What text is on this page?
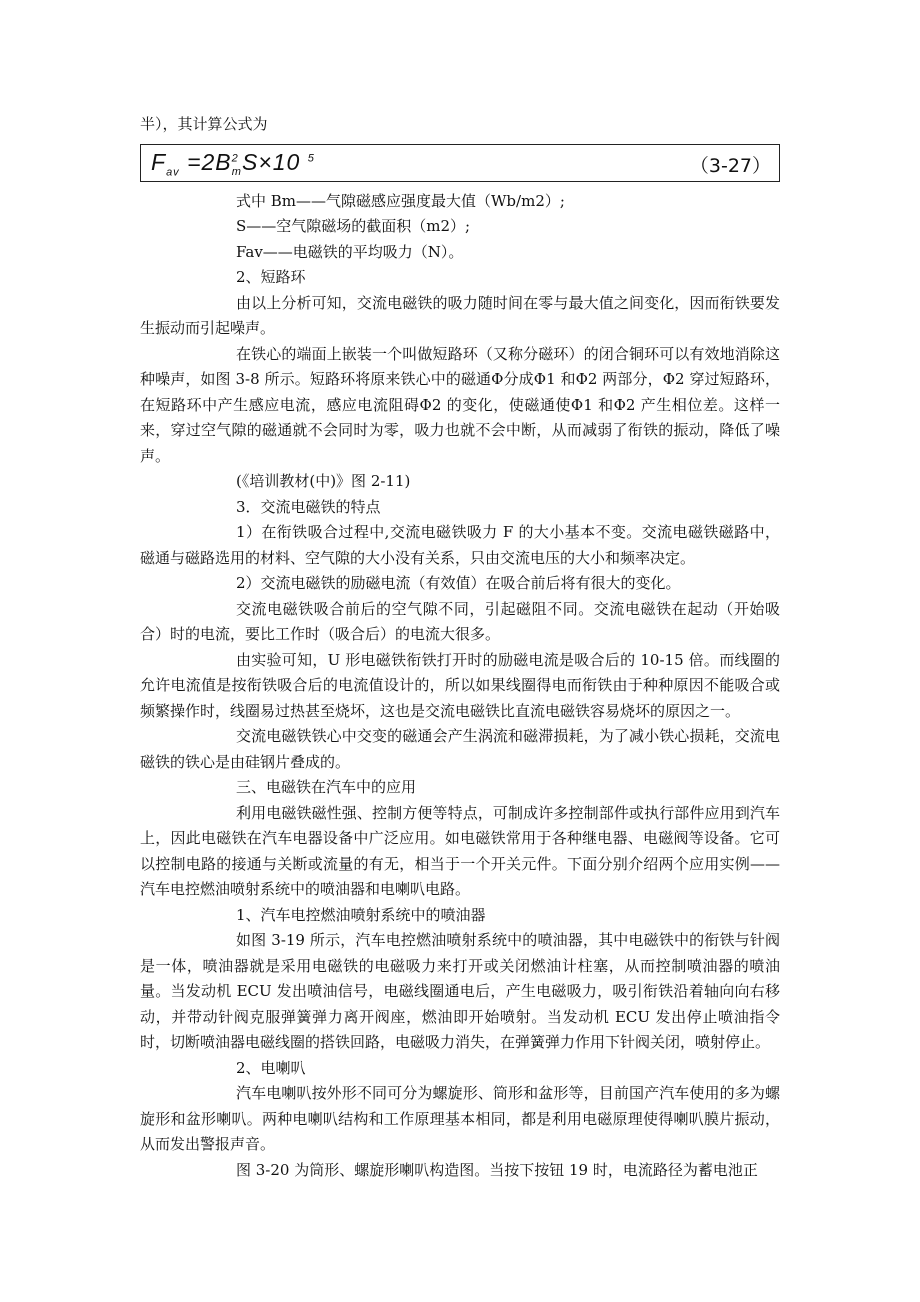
半），其计算公式为

$F_{av} =2B^2_mS\times 10$ $^5$	（3-27）

式中 Bm——气隙磁感应强度最大值（Wb/m2）;

S——空气隙磁场的截面积（m2）;

Fav——电磁铁的平均吸力（N）。

2、短路环

由以上分析可知，交流电磁铁的吸力随时间在零与最大值之间变化，因而衔铁要发生振动而引起噪声。

在铁心的端面上嵌装一个叫做短路环（又称分磁环）的闭合铜环可以有效地消除这种噪声，如图 3-8 所示。短路环将原来铁心中的磁通Φ分成Φ1 和Φ2 两部分，Φ2 穿过短路环，在短路环中产生感应电流，感应电流阻碍Φ2 的变化，使磁通使Φ1 和Φ2 产生相位差。这样一来，穿过空气隙的磁通就不会同时为零，吸力也就不会中断，从而减弱了衔铁的振动，降低了噪声。

(《培训教材(中)》图 2-11)

3．交流电磁铁的特点

1）在衔铁吸合过程中,交流电磁铁吸力 F 的大小基本不变。交流电磁铁磁路中，磁通与磁路选用的材料、空气隙的大小没有关系，只由交流电压的大小和频率决定。

2）交流电磁铁的励磁电流（有效值）在吸合前后将有很大的变化。

交流电磁铁吸合前后的空气隙不同，引起磁阻不同。交流电磁铁在起动（开始吸合）时的电流，要比工作时（吸合后）的电流大很多。

由实验可知，U 形电磁铁衔铁打开时的励磁电流是吸合后的 10-15 倍。而线圈的允许电流值是按衔铁吸合后的电流值设计的，所以如果线圈得电而衔铁由于种种原因不能吸合或频繁操作时，线圈易过热甚至烧坏，这也是交流电磁铁比直流电磁铁容易烧坏的原因之一。

交流电磁铁铁心中交变的磁通会产生涡流和磁滞损耗，为了减小铁心损耗，交流电磁铁的铁心是由硅钢片叠成的。

三、电磁铁在汽车中的应用

利用电磁铁磁性强、控制方便等特点，可制成许多控制部件或执行部件应用到汽车上，因此电磁铁在汽车电器设备中广泛应用。如电磁铁常用于各种继电器、电磁阀等设备。它可以控制电路的接通与关断或流量的有无，相当于一个开关元件。下面分别介绍两个应用实例——汽车电控燃油喷射系统中的喷油器和电喇叭电路。

1、汽车电控燃油喷射系统中的喷油器

如图 3-19 所示，汽车电控燃油喷射系统中的喷油器，其中电磁铁中的衔铁与针阀是一体，喷油器就是采用电磁铁的电磁吸力来打开或关闭燃油计柱塞，从而控制喷油器的喷油量。当发动机 ECU 发出喷油信号，电磁线圈通电后，产生电磁吸力，吸引衔铁沿着轴向向右移动，并带动针阀克服弹簧弹力离开阀座，燃油即开始喷射。当发动机 ECU 发出停止喷油指令时，切断喷油器电磁线圈的搭铁回路，电磁吸力消失，在弹簧弹力作用下针阀关闭，喷射停止。

2、电喇叭

汽车电喇叭按外形不同可分为螺旋形、筒形和盆形等，目前国产汽车使用的多为螺旋形和盆形喇叭。两种电喇叭结构和工作原理基本相同，都是利用电磁原理使得喇叭膜片振动，从而发出警报声音。

图 3-20 为筒形、螺旋形喇叭构造图。当按下按钮 19 时，电流路径为蓄电池正
